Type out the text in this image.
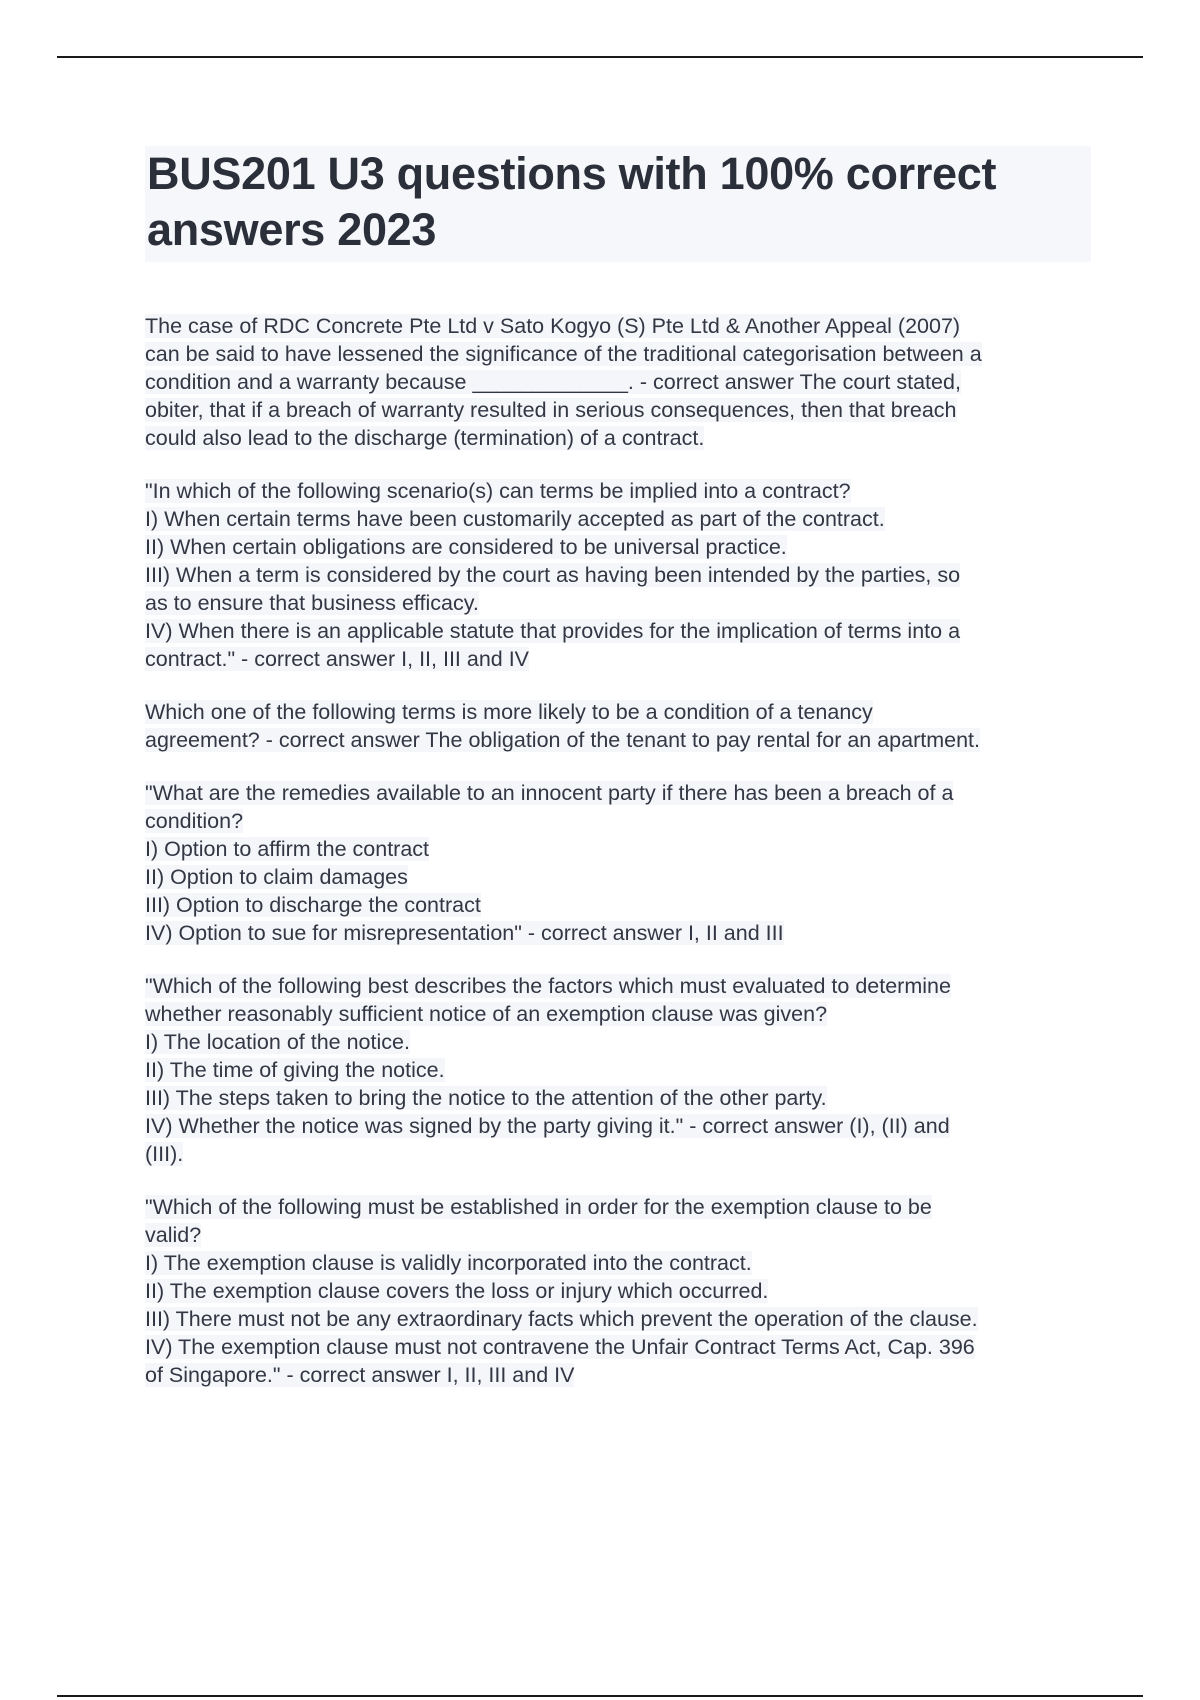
BUS201 U3 questions with 100% correct
answers 2023
The case of RDC Concrete Pte Ltd v Sato Kogyo (S) Pte Ltd & Another Appeal (2007)
can be said to have lessened the significance of the traditional categorisation between a
condition and a warranty because _____________. - correct answer The court stated,
obiter, that if a breach of warranty resulted in serious consequences, then that breach
could also lead to the discharge (termination) of a contract.
"In which of the following scenario(s) can terms be implied into a contract?
I) When certain terms have been customarily accepted as part of the contract.
II) When certain obligations are considered to be universal practice.
III) When a term is considered by the court as having been intended by the parties, so
as to ensure that business efficacy.
IV) When there is an applicable statute that provides for the implication of terms into a
contract." - correct answer I, II, III and IV
Which one of the following terms is more likely to be a condition of a tenancy
agreement? - correct answer The obligation of the tenant to pay rental for an apartment.
"What are the remedies available to an innocent party if there has been a breach of a
condition?
I) Option to affirm the contract
II) Option to claim damages
III) Option to discharge the contract
IV) Option to sue for misrepresentation" - correct answer I, II and III
"Which of the following best describes the factors which must evaluated to determine
whether reasonably sufficient notice of an exemption clause was given?
I) The location of the notice.
II) The time of giving the notice.
III) The steps taken to bring the notice to the attention of the other party.
IV) Whether the notice was signed by the party giving it." - correct answer (I), (II) and
(III).
"Which of the following must be established in order for the exemption clause to be
valid?
I) The exemption clause is validly incorporated into the contract.
II) The exemption clause covers the loss or injury which occurred.
III) There must not be any extraordinary facts which prevent the operation of the clause.
IV) The exemption clause must not contravene the Unfair Contract Terms Act, Cap. 396
of Singapore." - correct answer I, II, III and IV
